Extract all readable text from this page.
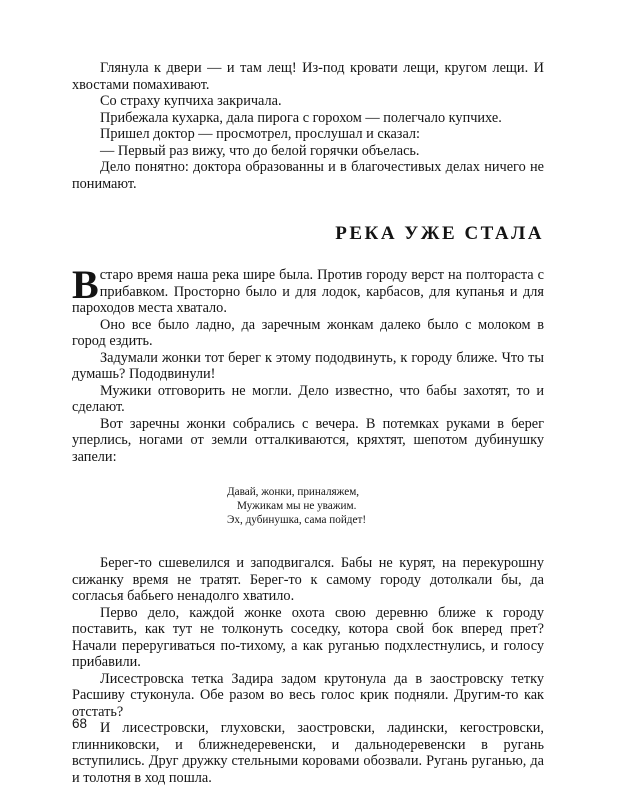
Глянула к двери — и там лещ! Из-под кровати лещи, кругом лещи. И хвостами помахивают.

Со страху купчиха закричала.

Прибежала кухарка, дала пирога с горохом — полегчало купчихе.

Пришел доктор — просмотрел, прослушал и сказал:

— Первый раз вижу, что до белой горячки объелась.

Дело понятно: доктора образованны и в благочестивых делах ничего не понимают.

РЕКА УЖЕ СТАЛА

Встаро время наша река шире была. Против городу верст на полтораста с прибавком. Просторно было и для лодок, карбасов, для купанья и для пароходов места хватало.

Оно все было ладно, да заречным жонкам далеко было с молоком в город ездить.

Задумали жонки тот берег к этому пододвинуть, к городу ближе. Что ты думашь? Пододвинули!

Мужики отговорить не могли. Дело известно, что бабы захотят, то и сделают.

Вот заречны жонки собрались с вечера. В потемках руками в берег уперлись, ногами от земли отталкиваются, кряхтят, шепотом дубинушку запели:

Давай, жонки, приналяжем,
Мужикам мы не уважим.
Эх, дубинушка, сама пойдет!

Берег-то сшевелился и заподвигался. Бабы не курят, на перекурошну сижанку время не тратят. Берег-то к самому городу дотолкали бы, да согласья бабьего ненадолго хватило.

Перво дело, каждой жонке охота свою деревню ближе к городу поставить, как тут не толконуть соседку, котора свой бок вперед прет? Начали переругиваться по-тихому, а как руганью подхлестнулись, и голосу прибавили.

Лисестровска тетка Задира задом крутонула да в заостровску тетку Расшиву стуконула. Обе разом во весь голос крик подняли. Другим-то как отстать?

И лисестровски, глуховски, заостровски, ладински, кегостровски, глинниковски, и ближнедеревенски, и дальнодеревенски в ругань вступились. Друг дружку стельными коровами обозвали. Ругань руганью, да и толотня в ход пошла.

68
